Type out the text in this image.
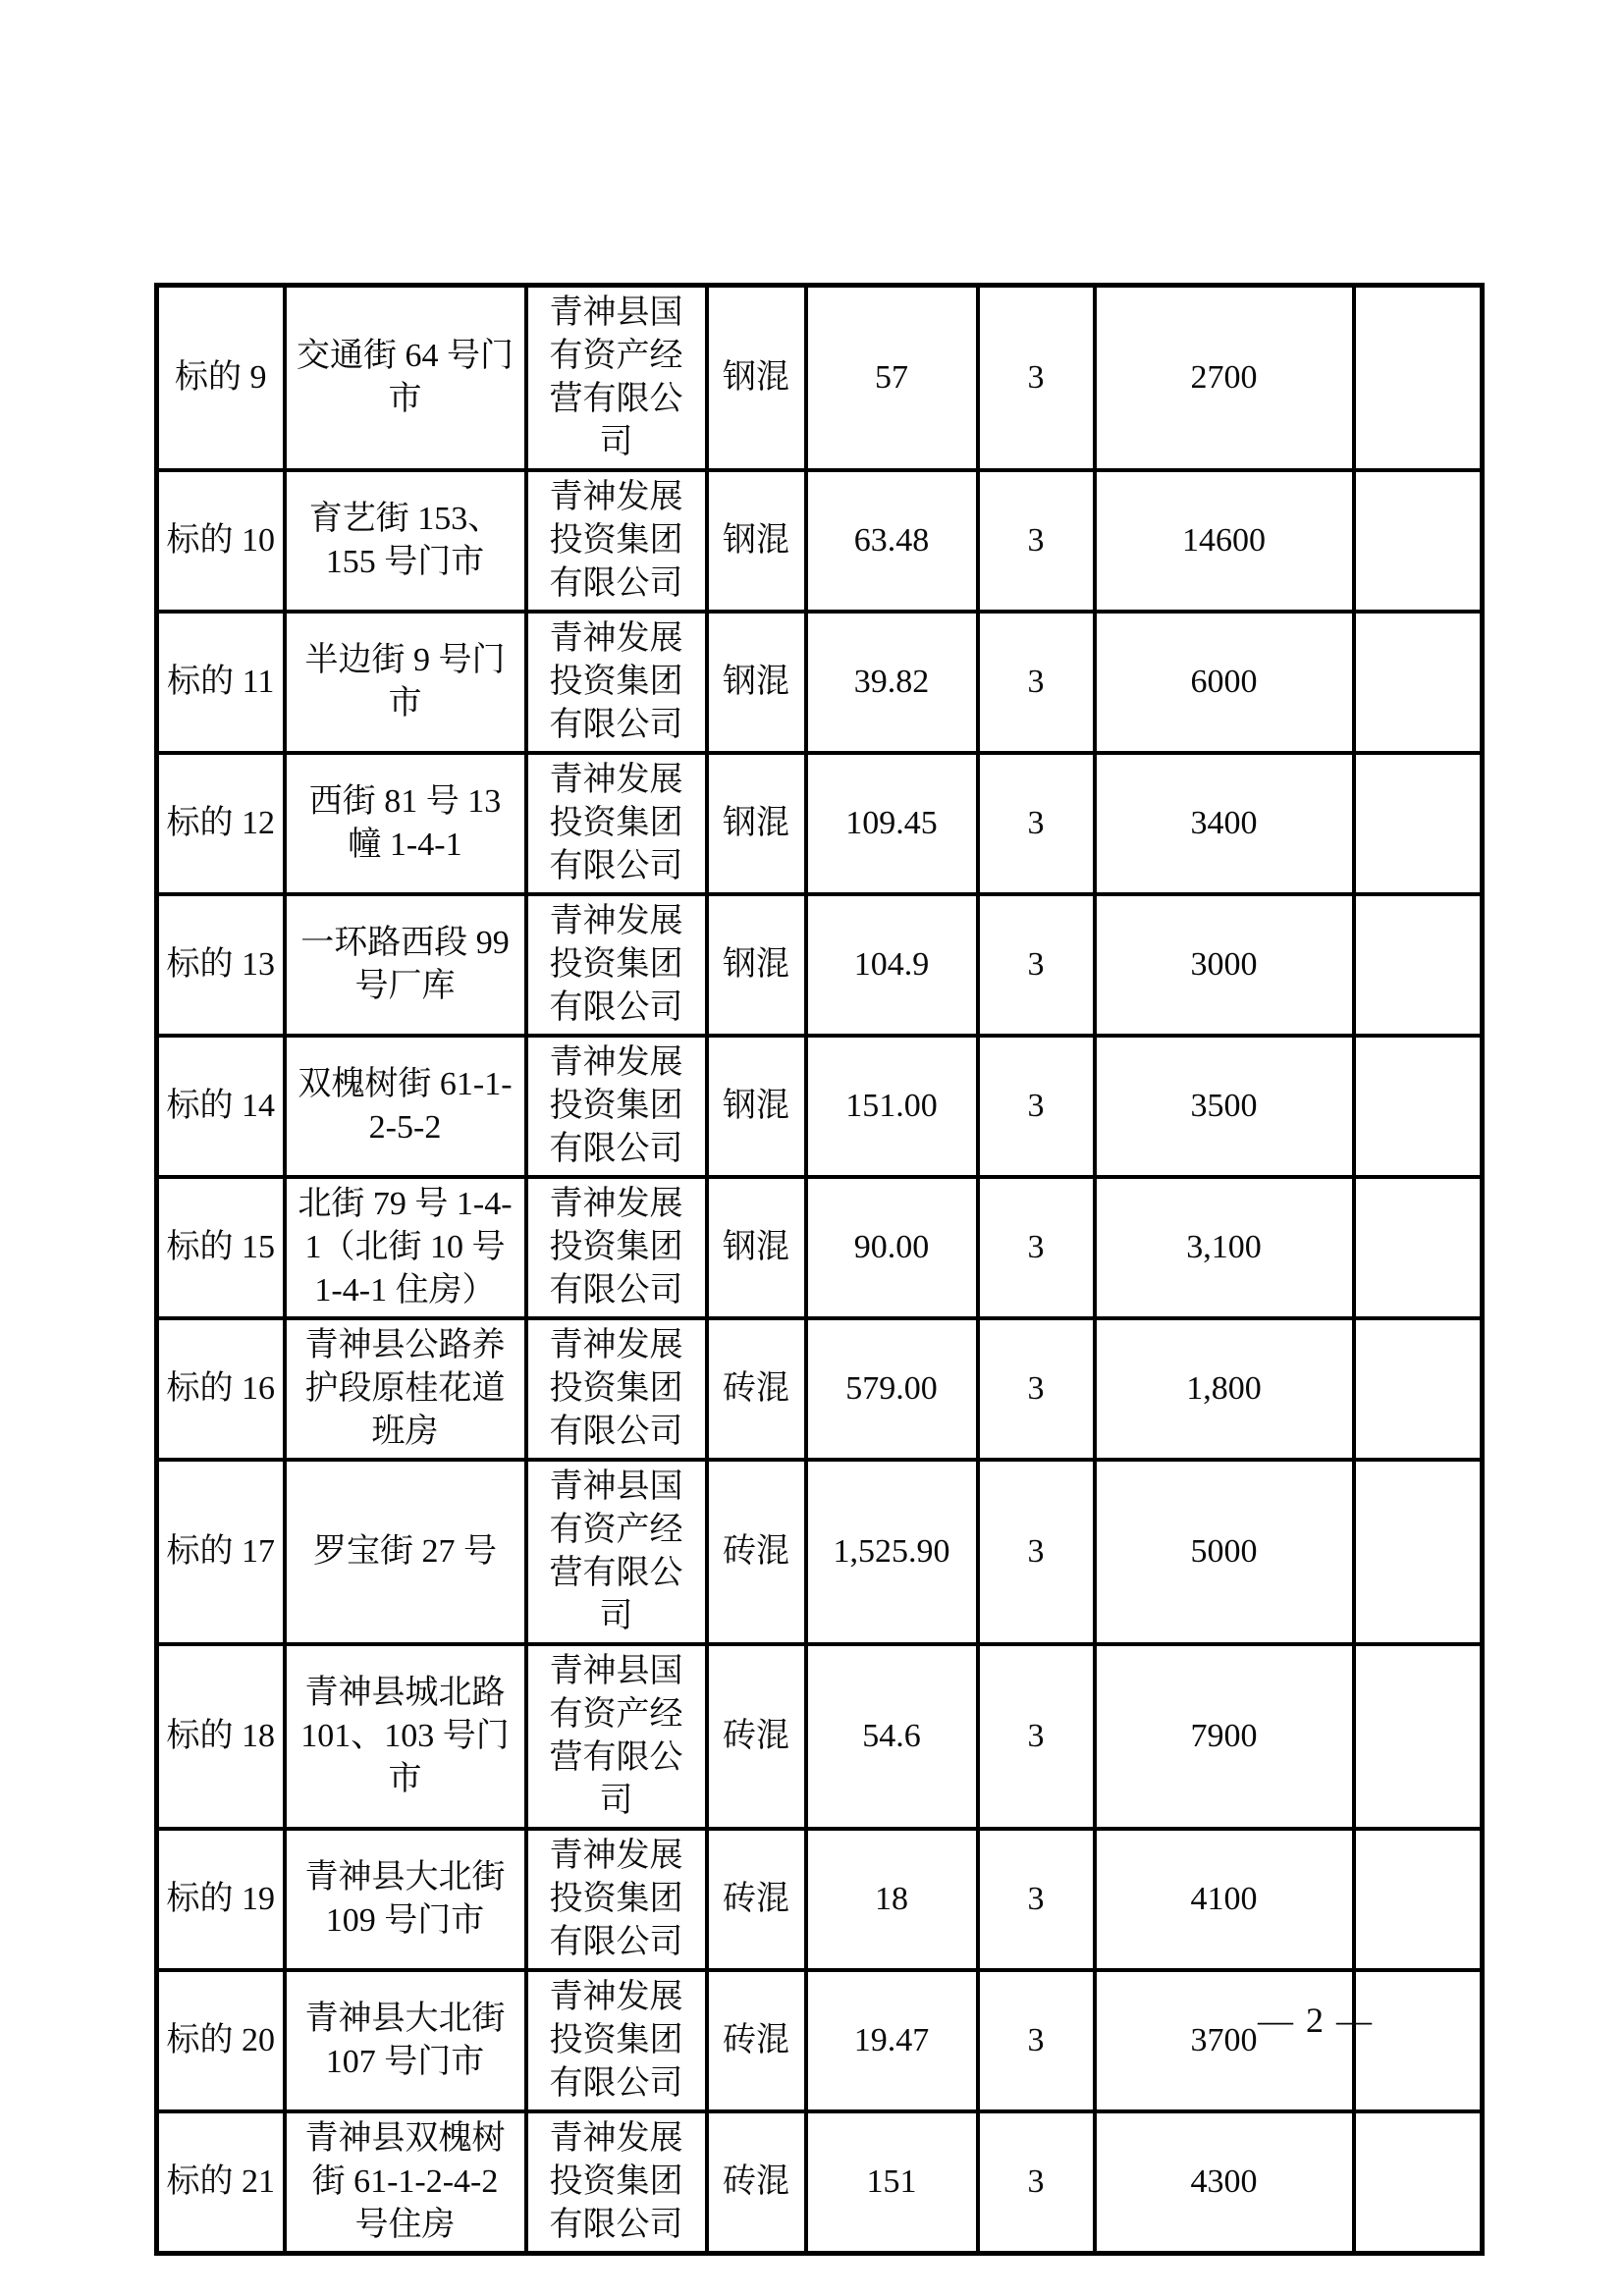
标的 9	交通街 64 号门市	青神县国有资产经营有限公司	钢混	57	3	2700	
标的 10	育艺街 153、155 号门市	青神发展投资集团有限公司	钢混	63.48	3	14600	
标的 11	半边街 9 号门市	青神发展投资集团有限公司	钢混	39.82	3	6000	
标的 12	西街 81 号 13 幢 1-4-1	青神发展投资集团有限公司	钢混	109.45	3	3400	
标的 13	一环路西段 99 号厂库	青神发展投资集团有限公司	钢混	104.9	3	3000	
标的 14	双槐树街 61-1-2-5-2	青神发展投资集团有限公司	钢混	151.00	3	3500	
标的 15	北街 79 号 1-4-1（北街 10 号 1-4-1 住房）	青神发展投资集团有限公司	钢混	90.00	3	3,100	
标的 16	青神县公路养护段原桂花道班房	青神发展投资集团有限公司	砖混	579.00	3	1,800	
标的 17	罗宝街 27 号	青神县国有资产经营有限公司	砖混	1,525.90	3	5000	
标的 18	青神县城北路 101、103 号门市	青神县国有资产经营有限公司	砖混	54.6	3	7900	
标的 19	青神县大北街 109 号门市	青神发展投资集团有限公司	砖混	18	3	4100	
标的 20	青神县大北街 107 号门市	青神发展投资集团有限公司	砖混	19.47	3	3700	
标的 21	青神县双槐树街 61-1-2-4-2 号住房	青神发展投资集团有限公司	砖混	151	3	4300	
— 2 —
